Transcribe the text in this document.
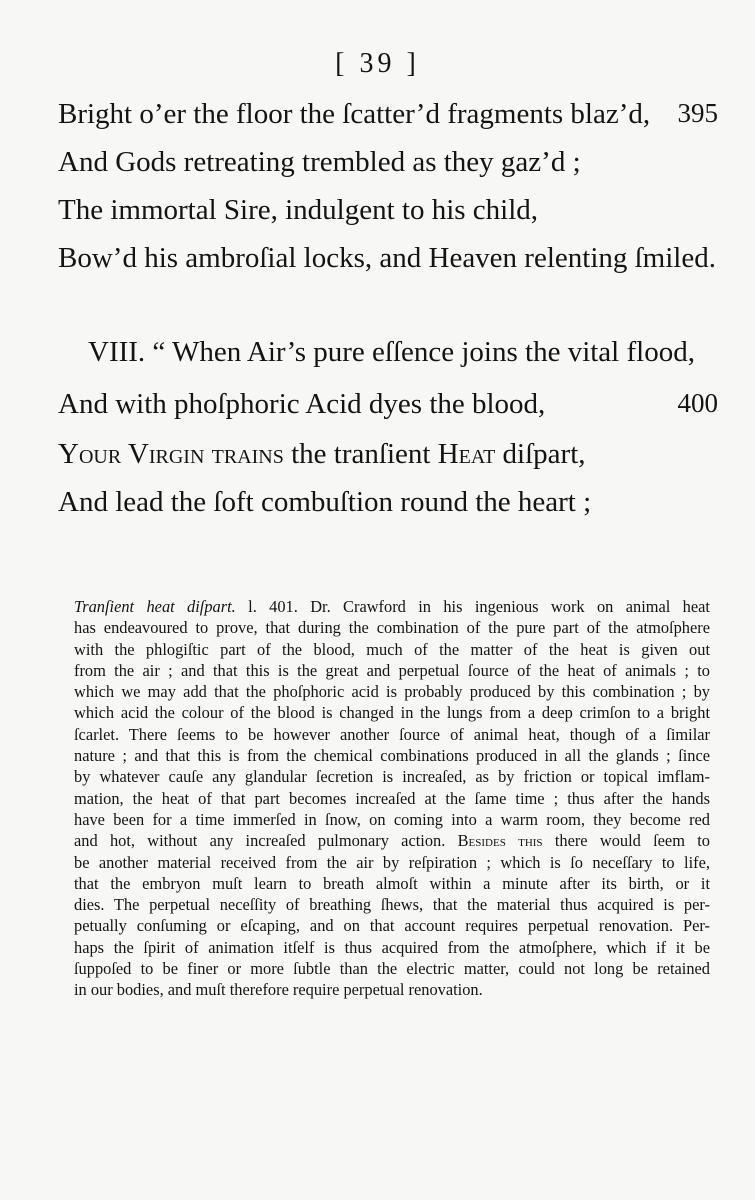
[ 39 ]
Bright o’er the floor the ſcatter’d fragments blaz’d, 395
And Gods retreating trembled as they gaz’d ;
The immortal Sire, indulgent to his child,
Bow’d his ambroſial locks, and Heaven relenting ſmiled.
VIII. “ When Air’s pure eſſence joins the vital flood,
And with phoſphoric Acid dyes the blood,	400
Your Virgin trains the tranſient Heat diſpart,
And lead the ſoft combuſtion round the heart ;
Tranſient heat diſpart. l. 401. Dr. Crawford in his ingenious work on animal heat
has endeavoured to prove, that during the combination of the pure part of the atmoſphere
with the phlogiſtic part of the blood, much of the matter of the heat is given out
from the air ; and that this is the great and perpetual ſource of the heat of animals ; to
which we may add that the phoſphoric acid is probably produced by this combination ; by
which acid the colour of the blood is changed in the lungs from a deep crimſon to a bright
ſcarlet. There ſeems to be however another ſource of animal heat, though of a ſimilar
nature ; and that this is from the chemical combinations produced in all the glands ; ſince
by whatever cauſe any glandular ſecretion is increaſed, as by friction or topical imflam-
mation, the heat of that part becomes increaſed at the ſame time ; thus after the hands
have been for a time immerſed in ſnow, on coming into a warm room, they become red
and hot, without any increaſed pulmonary action. Besides this there would ſeem to
be another material received from the air by reſpiration ; which is ſo neceſſary to life,
that the embryon muſt learn to breath almoſt within a minute after its birth, or it
dies. The perpetual neceſſity of breathing ſhews, that the material thus acquired is per-
petually conſuming or eſcaping, and on that account requires perpetual renovation. Per-
haps the ſpirit of animation itſelf is thus acquired from the atmoſphere, which if it be
ſuppoſed to be finer or more ſubtle than the electric matter, could not long be retained
in our bodies, and muſt therefore require perpetual renovation.
